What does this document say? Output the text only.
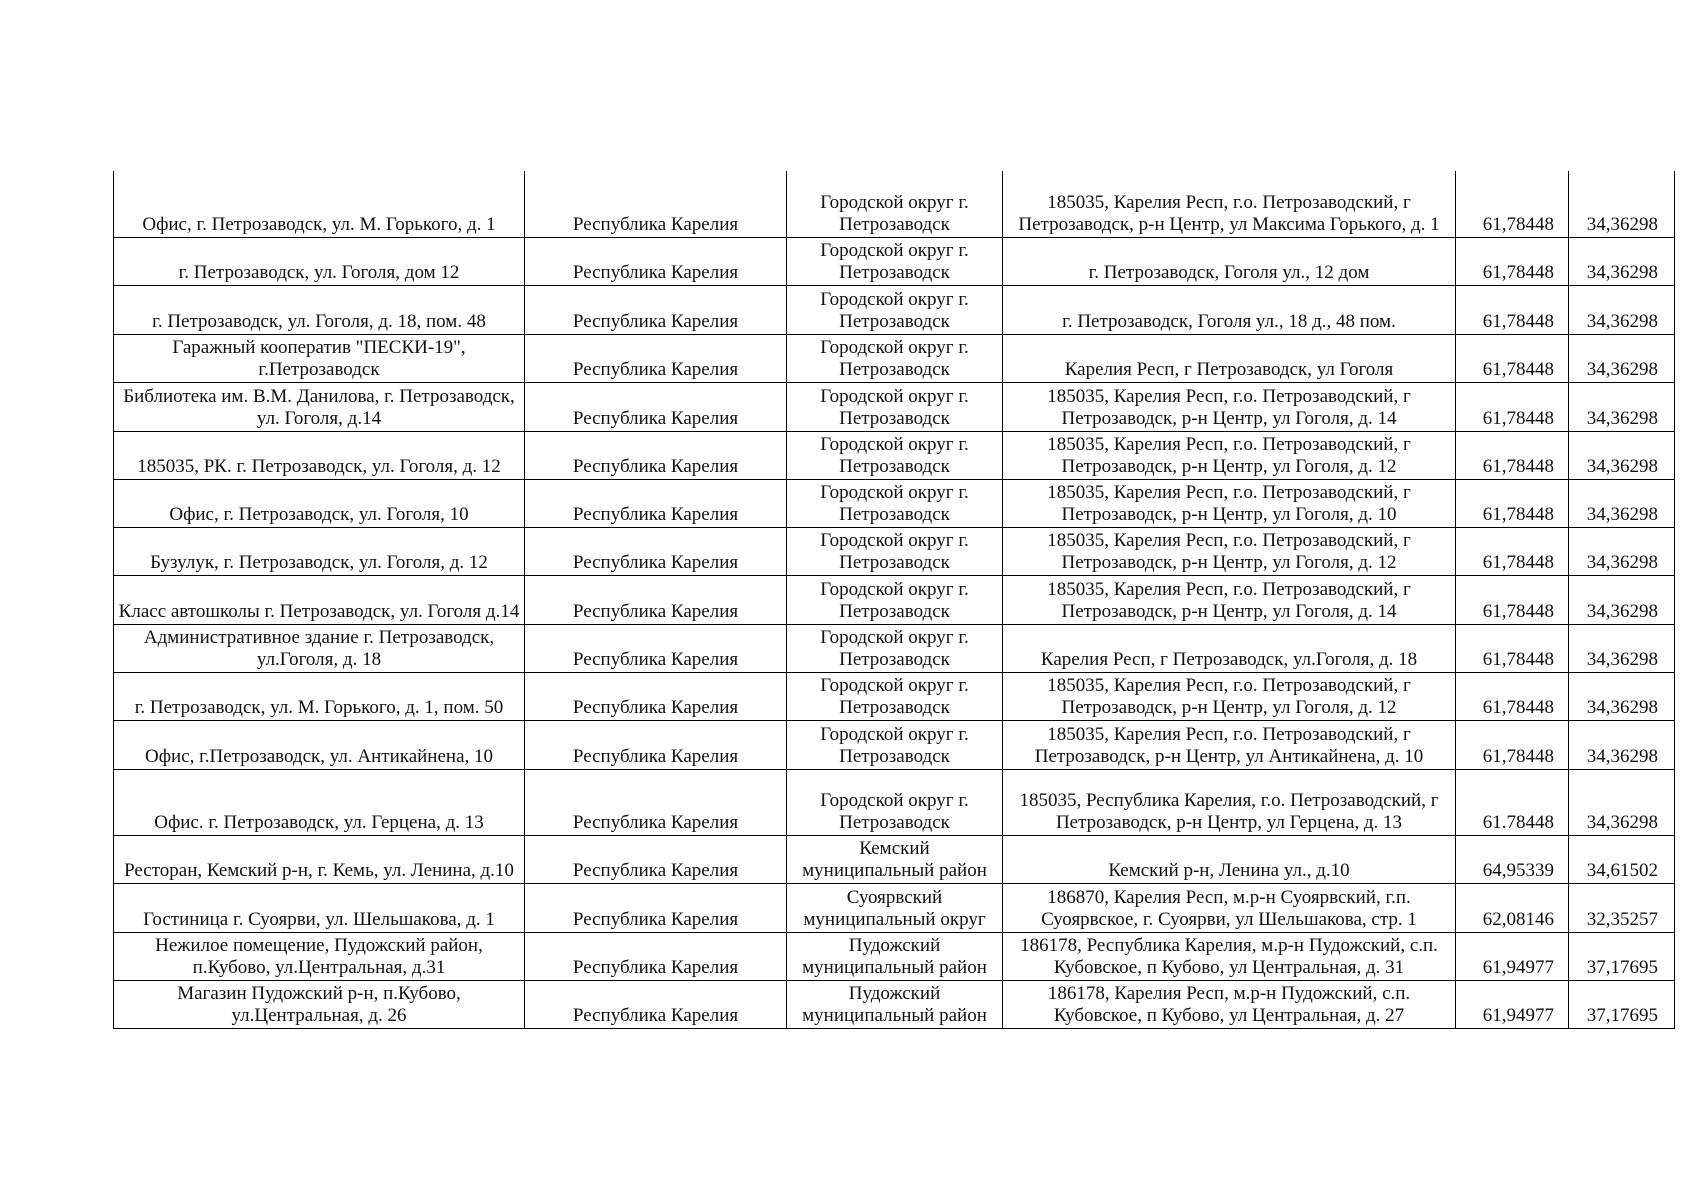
Офис, г. Петрозаводск, ул. М. Горького, д. 1	Республика Карелия	Городской округ г. Петрозаводск	185035, Карелия Респ, г.о. Петрозаводский, г Петрозаводск, р-н Центр, ул Максима Горького, д. 1	61,78448	34,36298
г. Петрозаводск, ул. Гоголя, дом 12	Республика Карелия	Городской округ г. Петрозаводск	г. Петрозаводск, Гоголя ул., 12 дом	61,78448	34,36298
г. Петрозаводск, ул. Гоголя, д. 18, пом. 48	Республика Карелия	Городской округ г. Петрозаводск	г. Петрозаводск, Гоголя ул., 18 д., 48 пом.	61,78448	34,36298
Гаражный кооператив "ПЕСКИ-19", г.Петрозаводск	Республика Карелия	Городской округ г. Петрозаводск	Карелия Респ, г Петрозаводск, ул Гоголя	61,78448	34,36298
Библиотека им. В.М. Данилова, г. Петрозаводск, ул. Гоголя, д.14	Республика Карелия	Городской округ г. Петрозаводск	185035, Карелия Респ, г.о. Петрозаводский, г Петрозаводск, р-н Центр, ул Гоголя, д. 14	61,78448	34,36298
185035, РК. г. Петрозаводск, ул. Гоголя, д. 12	Республика Карелия	Городской округ г. Петрозаводск	185035, Карелия Респ, г.о. Петрозаводский, г Петрозаводск, р-н Центр, ул Гоголя, д. 12	61,78448	34,36298
Офис, г. Петрозаводск, ул. Гоголя, 10	Республика Карелия	Городской округ г. Петрозаводск	185035, Карелия Респ, г.о. Петрозаводский, г Петрозаводск, р-н Центр, ул Гоголя, д. 10	61,78448	34,36298
Бузулук, г. Петрозаводск, ул. Гоголя, д. 12	Республика Карелия	Городской округ г. Петрозаводск	185035, Карелия Респ, г.о. Петрозаводский, г Петрозаводск, р-н Центр, ул Гоголя, д. 12	61,78448	34,36298
Класс автошколы г. Петрозаводск, ул. Гоголя д.14	Республика Карелия	Городской округ г. Петрозаводск	185035, Карелия Респ, г.о. Петрозаводский, г Петрозаводск, р-н Центр, ул Гоголя, д. 14	61,78448	34,36298
Административное здание г. Петрозаводск, ул.Гоголя, д. 18	Республика Карелия	Городской округ г. Петрозаводск	Карелия Респ, г Петрозаводск, ул.Гоголя, д. 18	61,78448	34,36298
г. Петрозаводск, ул. М. Горького, д. 1, пом. 50	Республика Карелия	Городской округ г. Петрозаводск	185035, Карелия Респ, г.о. Петрозаводский, г Петрозаводск, р-н Центр, ул Гоголя, д. 12	61,78448	34,36298
Офис, г.Петрозаводск, ул. Антикайнена, 10	Республика Карелия	Городской округ г. Петрозаводск	185035, Карелия Респ, г.о. Петрозаводский, г Петрозаводск, р-н Центр, ул Антикайнена, д. 10	61,78448	34,36298
Офис. г. Петрозаводск, ул. Герцена, д. 13	Республика Карелия	Городской округ г. Петрозаводск	185035, Республика Карелия, г.о. Петрозаводский, г Петрозаводск, р-н Центр, ул Герцена, д. 13	61.78448	34,36298
Ресторан, Кемский р-н, г. Кемь, ул. Ленина, д.10	Республика Карелия	Кемский муниципальный район	Кемский р-н, Ленина ул., д.10	64,95339	34,61502
Гостиница г. Суоярви, ул. Шельшакова, д. 1	Республика Карелия	Суоярвский муниципальный округ	186870, Карелия Респ, м.р-н Суоярвский, г.п. Суоярвское, г. Суоярви, ул Шельшакова, стр. 1	62,08146	32,35257
Нежилое помещение, Пудожский район, п.Кубово, ул.Центральная, д.31	Республика Карелия	Пудожский муниципальный район	186178, Республика Карелия, м.р-н Пудожский, с.п. Кубовское, п Кубово, ул Центральная, д. 31	61,94977	37,17695
Магазин Пудожский р-н, п.Кубово, ул.Центральная, д. 26	Республика Карелия	Пудожский муниципальный район	186178, Карелия Респ, м.р-н Пудожский, с.п. Кубовское, п Кубово, ул Центральная, д. 27	61,94977	37,17695
